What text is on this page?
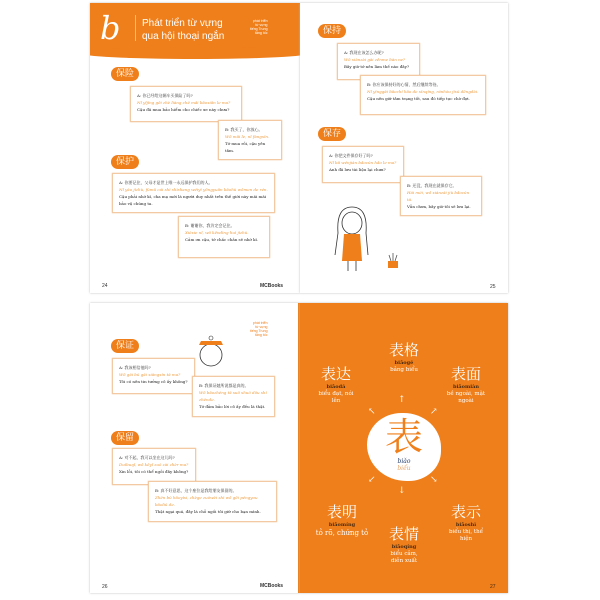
b Phát triển từ vựng
qua hội thoại ngắn
phát triển
từ vựng
tiếng Trung
tăng tốc
保险
A: 你已经给这辆车买保险了吗?
Nǐ yǐjīng gěi zhè liàng chē mǎi bǎoxiǎn le ma?
Cậu đã mua bảo hiểm cho chiếc xe này chưa?
B: 我买了，你放心。
Wǒ mǎi le, nǐ fàngxīn.
Tớ mua rồi, cậu yên tâm.
保护
A: 你要记住，父母才是世上唯一永远保护我们的人。
Nǐ yào jìzhù, fùmǔ cái shì shìshang wéiyī yǒngyuǎn bǎohù wǒmen de rén.
Cậu phải nhớ kĩ, cha mẹ mới là người duy nhất trên thế giới này mãi mãi bảo vệ chúng ta.
B: 谢谢你，我肯定会记住。
Xièxie nǐ, wǒ kěndìng huì jìzhù.
Cảm ơn cậu, tớ chắc chắn sẽ nhớ kĩ.
24	MCBooks
保持
A: 我现在该怎么办呢?
Wǒ xiànzài gāi zěnme bàn ne?
Bây giờ tớ nên làm thế nào đây?
B: 你应该保持好的心情，然后继续等待。
Nǐ yīnggāi bǎochí hǎo de xīnqíng, ránhòu jìxù děngdài.
Cậu nên giữ tâm trạng tốt, sau đó tiếp tục chờ đợi.
保存
A: 你把文件保存好了吗?
Nǐ bǎ wénjiàn bǎocún hǎo le ma?
Anh đã lưu tài liệu lại chưa?
B: 还没，我现在就保存它。
Hái méi, wǒ xiànzài jiù bǎocún tā.
Vẫn chưa, bây giờ tôi sẽ lưu lại.
25
phát triển
từ vựng
tiếng Trung
tăng tốc
保证
A: 我该相信他吗?
Wǒ gāi bù gāi xiāngxìn tā ma?
Tôi có nên tin tưởng cô ấy không?
B: 我保证她所说都是真的。
Wǒ bǎozhèng tā suǒ shuō dōu shì zhēnde.
Tớ đảm bảo lời cô ấy đều là thật.
保留
A: 对不起，我可以坐在这儿吗?
Duìbuqǐ, wǒ kěyǐ zuò zài zhèr ma?
Xin lỗi, tôi có thể ngồi đây không?
B: 真不好意思，这个座位是我给朋友保留的。
Zhēn bù hǎoyìsi, zhège zuòwèi shì wǒ gěi péngyou bǎoliú de.
Thật ngại quá, đây là chỗ ngồi tôi giữ cho bạn mình.
26	MCBooks
表
biǎo
biểu
↑
↓
↖	↗
↙	↘
表格
biǎogé
bảng biểu
表达
biǎodá
biểu đạt, nói lên
表面
biǎomiàn
bề ngoài, mặt ngoài
表明
biǎomíng
tỏ rõ, chứng tỏ	表情
biǎoqíng
biểu cảm, diễn xuất
表示
biǎoshì
biểu thị, thể hiện
27
